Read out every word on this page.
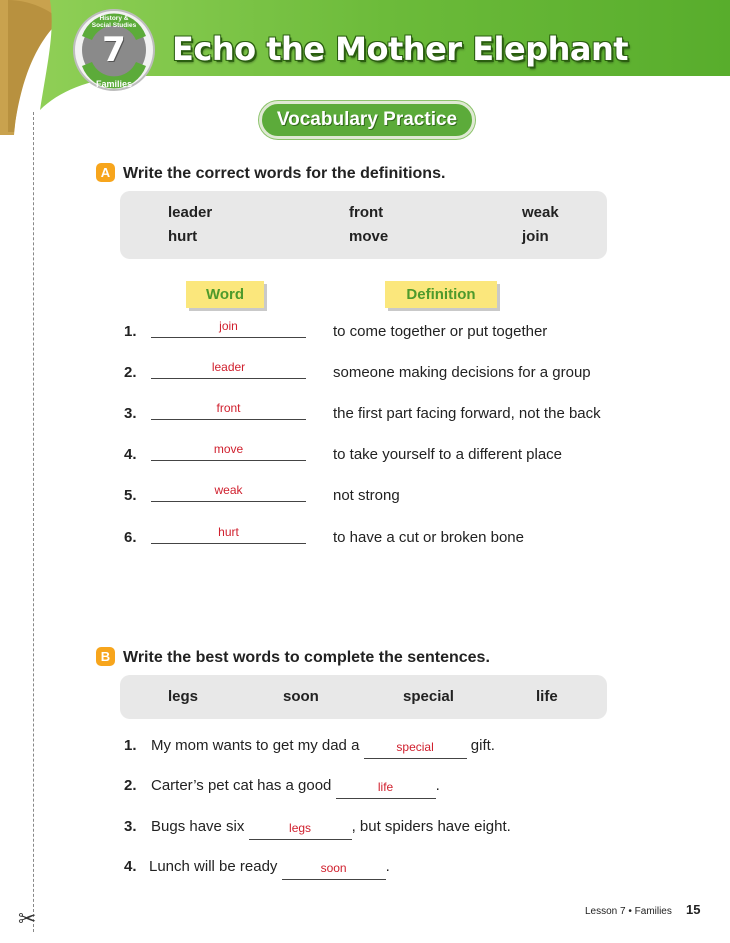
History & Social Studies
7
Families
Echo the Mother Elephant
✂
Vocabulary Practice
A Write the correct words for the definitions.
leader	front	weak
hurt	move	join
Word	Definition
1.	join	to come together or put together
2.	leader	someone making decisions for a group
3.	front	the first part facing forward, not the back
4.	move	to take yourself to a different place
5.	weak	not strong
6.	hurt	to have a cut or broken bone
B Write the best words to complete the sentences.
legs	soon	special	life
1. My mom wants to get my dad a	special gift.
2. Carter’s pet cat has a good	life	.
3. Bugs have six	legs	, but spiders have eight.
4. Lunch will be ready	soon	.
Lesson 7 • Families 15
